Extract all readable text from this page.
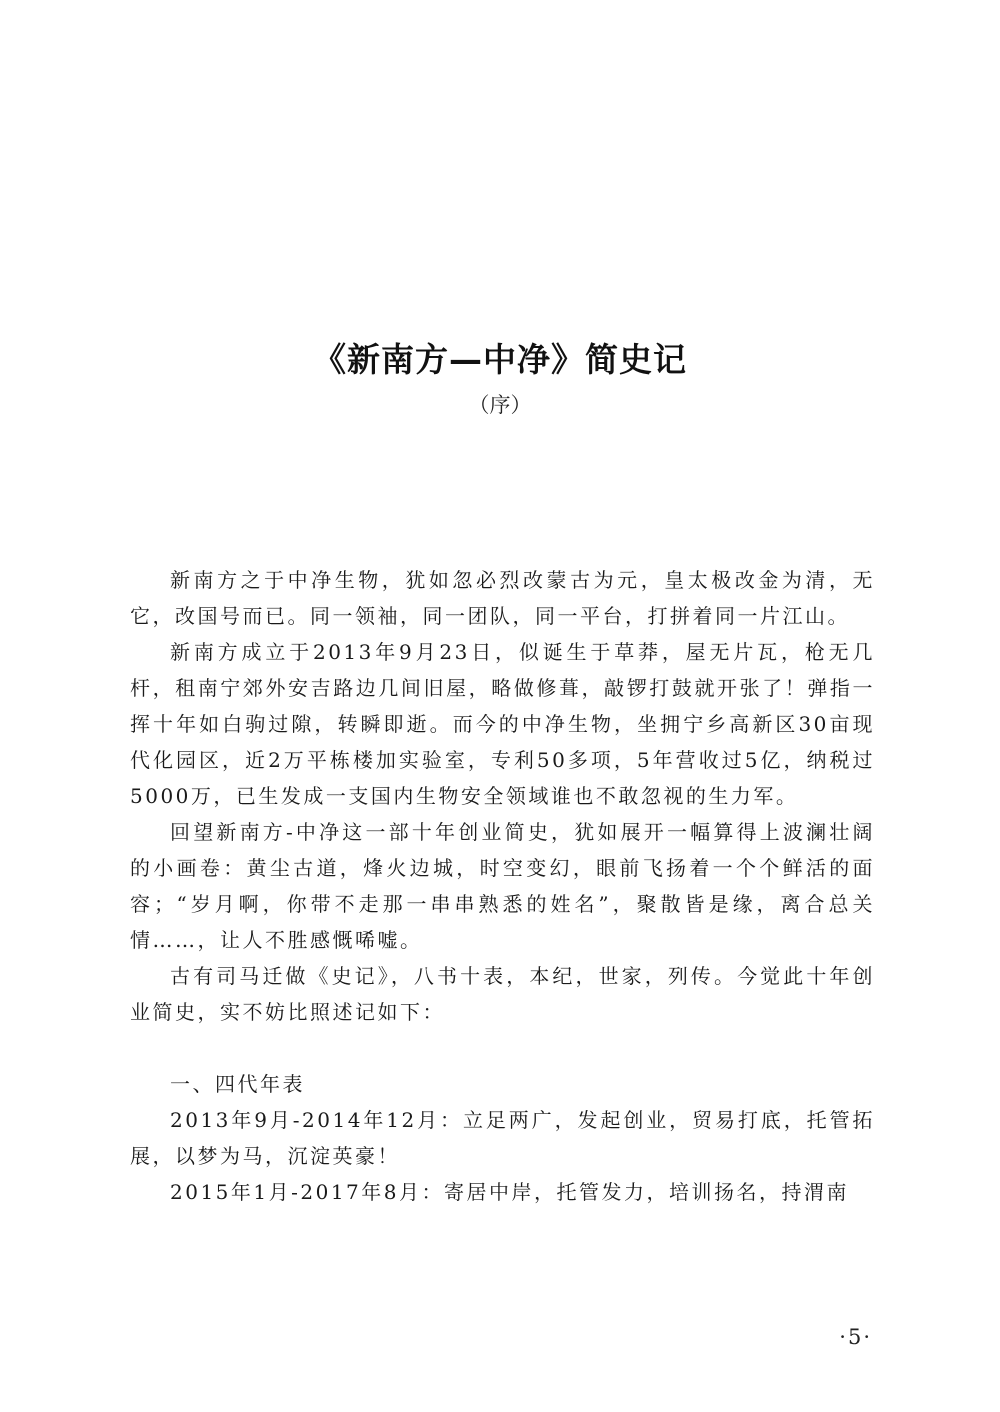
《新南方—中净》简史记
（序）

新南方之于中净生物，犹如忽必烈改蒙古为元，皇太极改金为清，无它，改国号而已。同一领袖，同一团队，同一平台，打拼着同一片江山。

新南方成立于2013年9月23日，似诞生于草莽，屋无片瓦，枪无几杆，租南宁郊外安吉路边几间旧屋，略做修葺，敲锣打鼓就开张了！弹指一挥十年如白驹过隙，转瞬即逝。而今的中净生物，坐拥宁乡高新区30亩现代化园区，近2万平栋楼加实验室，专利50多项，5年营收过5亿，纳税过5000万，已生发成一支国内生物安全领域谁也不敢忽视的生力军。

回望新南方-中净这一部十年创业简史，犹如展开一幅算得上波澜壮阔的小画卷：黄尘古道，烽火边城，时空变幻，眼前飞扬着一个个鲜活的面容；“岁月啊，你带不走那一串串熟悉的姓名”，聚散皆是缘，离合总关情……，让人不胜感慨唏嘘。

古有司马迁做《史记》，八书十表，本纪，世家，列传。今觉此十年创业简史，实不妨比照述记如下：

一、四代年表

2013年9月-2014年12月：立足两广，发起创业，贸易打底，托管拓展，以梦为马，沉淀英豪！

2015年1月-2017年8月：寄居中岸，托管发力，培训扬名，持渭南

·5·
